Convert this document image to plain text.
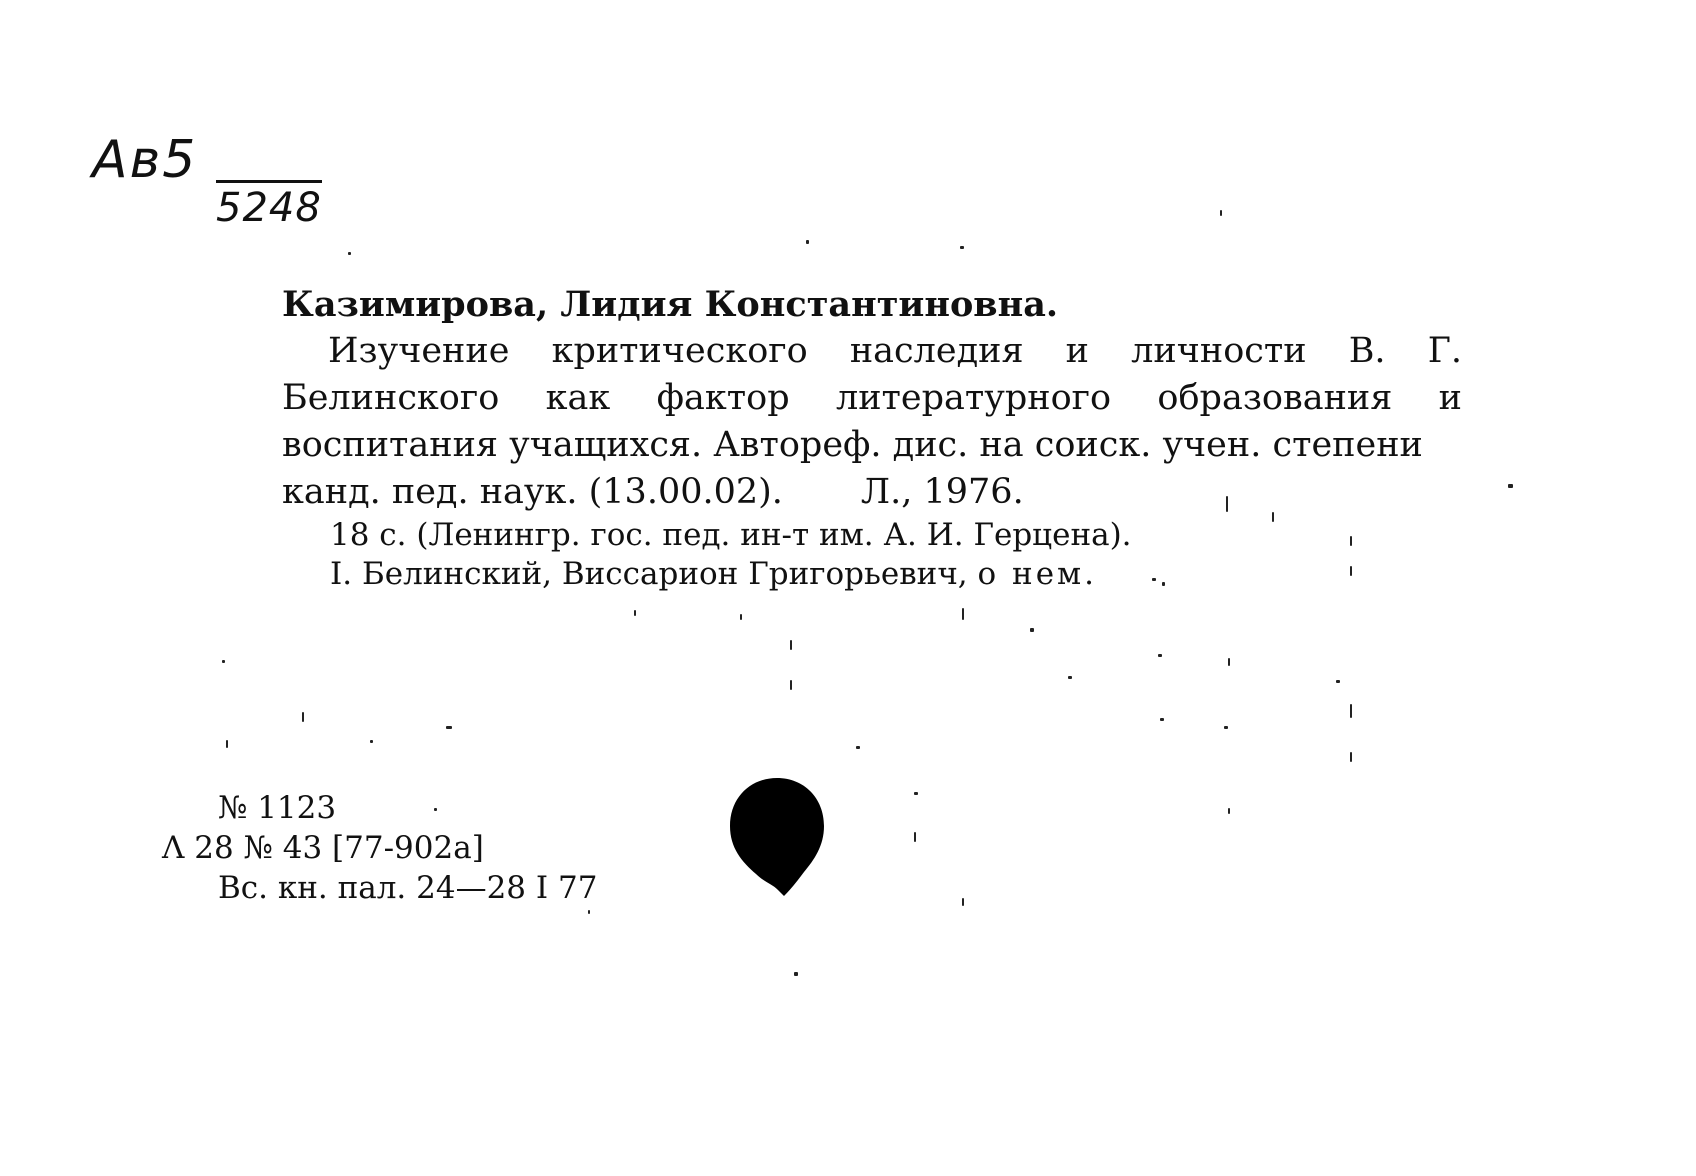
Aв5
5248
Казимирова, Лидия Константиновна.

Изучение критического наследия и личности В. Г. Белинского как фактор литературного образования и воспитания учащихся. Автореф. дис. на соиск. учен. степени

канд. пед. наук. (13.00.02). Л., 1976.
18 с. (Ленингр. гос. пед. ин-т им. А. И. Герцена).
I. Белинский, Виссарион Григорьевич, о нем.
№ 1123
Λ 28 № 43 [77-902а]
Вс. кн. пал. 24—28 I 77
